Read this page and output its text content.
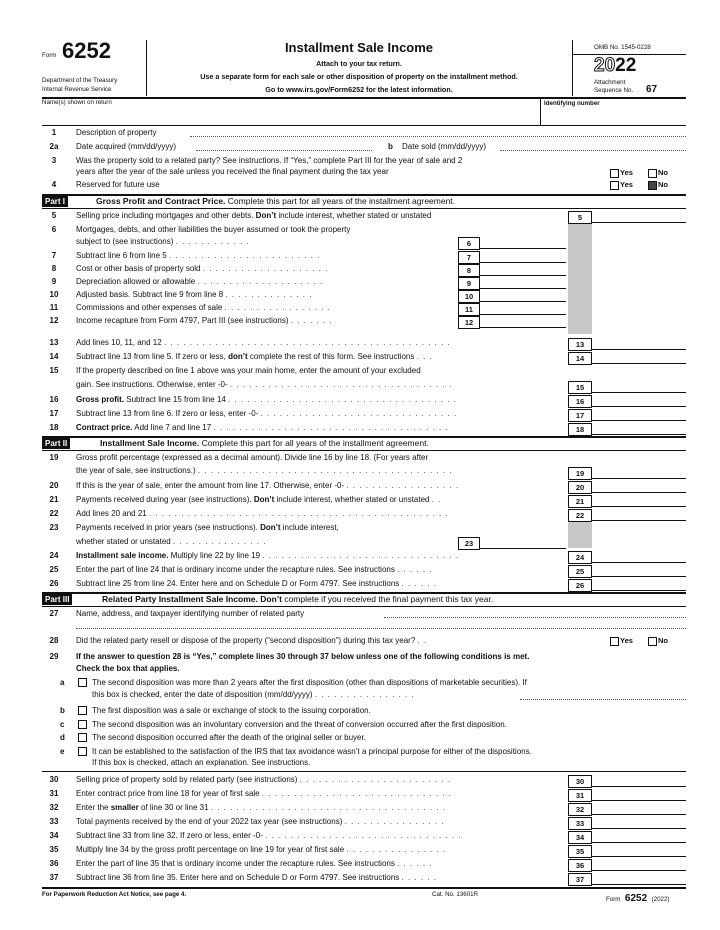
Form 6252
Department of the Treasury
Internal Revenue Service
Installment Sale Income
Attach to your tax return.
Use a separate form for each sale or other disposition of property on the installment method.
Go to www.irs.gov/Form6252 for the latest information.
OMB No. 1545-0228
2022
Attachment
Sequence No. 67
Name(s) shown on return	Identifying number
1	Description of property
2a	Date acquired (mm/dd/yyyy)	b Date sold (mm/dd/yyyy)
3	Was the property sold to a related party? See instructions. If “Yes,” complete Part III for the year of sale and 2
years after the year of the sale unless you received the final payment during the tax year	Yes	No
4	Reserved for future use	Yes	No
Part I	Gross Profit and Contract Price. Complete this part for all years of the installment agreement.
5	Selling price including mortgages and other debts. Don’t include interest, whether stated or unstated	5
6	Mortgages, debts, and other liabilities the buyer assumed or took the property
subject to (see instructions) . . . . . . . . . . . .	6
7	Subtract line 6 from line 5 . . . . . . . . . . . . . . . . . . . . . . . .	7
8	Cost or other basis of property sold . . . . . . . . . . . . . . . . . . . .	8
9	Depreciation allowed or allowable . . . . . . . . . . . . . . . . . . . .	9
10	Adjusted basis. Subtract line 9 from line 8 . . . . . . . . . . . . . .	10
11	Commissions and other expenses of sale . . . . . . . . . . . . . . . . .	11
12	Income recapture from Form 4797, Part III (see instructions) . . . . . . .	12
13	Add lines 10, 11, and 12 . . . . . . . . . . . . . . . . . . . . . . . . . . . . . . . . . . . . . . . . . . . . .	13
14	Subtract line 13 from line 5. If zero or less, don’t complete the rest of this form. See instructions . . .	14
15	If the property described on line 1 above was your main home, enter the amount of your excluded
gain. See instructions. Otherwise, enter -0- . . . . . . . . . . . . . . . . . . . . . . . . . . . . . . . . . . .	15
16	Gross profit. Subtract line 15 from line 14 . . . . . . . . . . . . . . . . . . . . . . . . . . . . . . . . . . . .	16
17	Subtract line 13 from line 6. If zero or less, enter -0- . . . . . . . . . . . . . . . . . . . . . . . . . . . . . . .	17
18	Contract price. Add line 7 and line 17 . . . . . . . . . . . . . . . . . . . . . . . . . . . . . . . . . . . . .	18
Part II	Installment Sale Income. Complete this part for all years of the installment agreement.
19	Gross profit percentage (expressed as a decimal amount). Divide line 16 by line 18. (For years after
the year of sale, see instructions.) . . . . . . . . . . . . . . . . . . . . . . . . . . . . . . . . . . . . . . . .	19
20	If this is the year of sale, enter the amount from line 17. Otherwise, enter -0- . . . . . . . . . . . . . . . . . .	20
21	Payments received during year (see instructions). Don’t include interest, whether stated or unstated . .	21
22	Add lines 20 and 21 . . . . . . . . . . . . . . . . . . . . . . . . . . . . . . . . . . . . . . . . . . . . . . .	22
23	Payments received in prior years (see instructions). Don’t include interest,
whether stated or unstated . . . . . . . . . . . . . . .	23
24	Installment sale income. Multiply line 22 by line 19 . . . . . . . . . . . . . . . . . . . . . . . . . . . . . . .	24
25	Enter the part of line 24 that is ordinary income under the recapture rules. See instructions . . . . . .	25
26	Subtract line 25 from line 24. Enter here and on Schedule D or Form 4797. See instructions . . . . . .	26
Part III	Related Party Installment Sale Income. Don’t complete if you received the final payment this tax year.
27	Name, address, and taxpayer identifying number of related party
28	Did the related party resell or dispose of the property (“second disposition”) during this tax year? . .	Yes	No
29	If the answer to question 28 is “Yes,” complete lines 30 through 37 below unless one of the following conditions is met.
Check the box that applies.
a	The second disposition was more than 2 years after the first disposition (other than dispositions of marketable securities). If
this box is checked, enter the date of disposition (mm/dd/yyyy) . . . . . . . . . . . . . . . .
b	The first disposition was a sale or exchange of stock to the issuing corporation.
c	The second disposition was an involuntary conversion and the threat of conversion occurred after the first disposition.
d	The second disposition occurred after the death of the original seller or buyer.
e	It can be established to the satisfaction of the IRS that tax avoidance wasn’t a principal purpose for either of the dispositions.
If this box is checked, attach an explanation. See instructions.
30	Selling price of property sold by related party (see instructions) . . . . . . . . . . . . . . . . . . . . . . . .	30
31	Enter contract price from line 18 for year of first sale . . . . . . . . . . . . . . . . . . . . . . . . . . . . . .	31
32	Enter the smaller of line 30 or line 31 . . . . . . . . . . . . . . . . . . . . . . . . . . . . . . . . . . . . .	32
33	Total payments received by the end of your 2022 tax year (see instructions) . . . . . . . . . . . . . . . .	33
34	Subtract line 33 from line 32. If zero or less, enter -0- . . . . . . . . . . . . . . . . . . . . . . . . . . . . . . .	34
35	Multiply line 34 by the gross profit percentage on line 19 for year of first sale . . . . . . . . . . . . . . . .	35
36	Enter the part of line 35 that is ordinary income under the recapture rules. See instructions . . . . . .	36
37	Subtract line 36 from line 35. Enter here and on Schedule D or Form 4797. See instructions . . . . . .	37
For Paperwork Reduction Act Notice, see page 4.	Cat. No. 13601R
Form 6252 (2022)
